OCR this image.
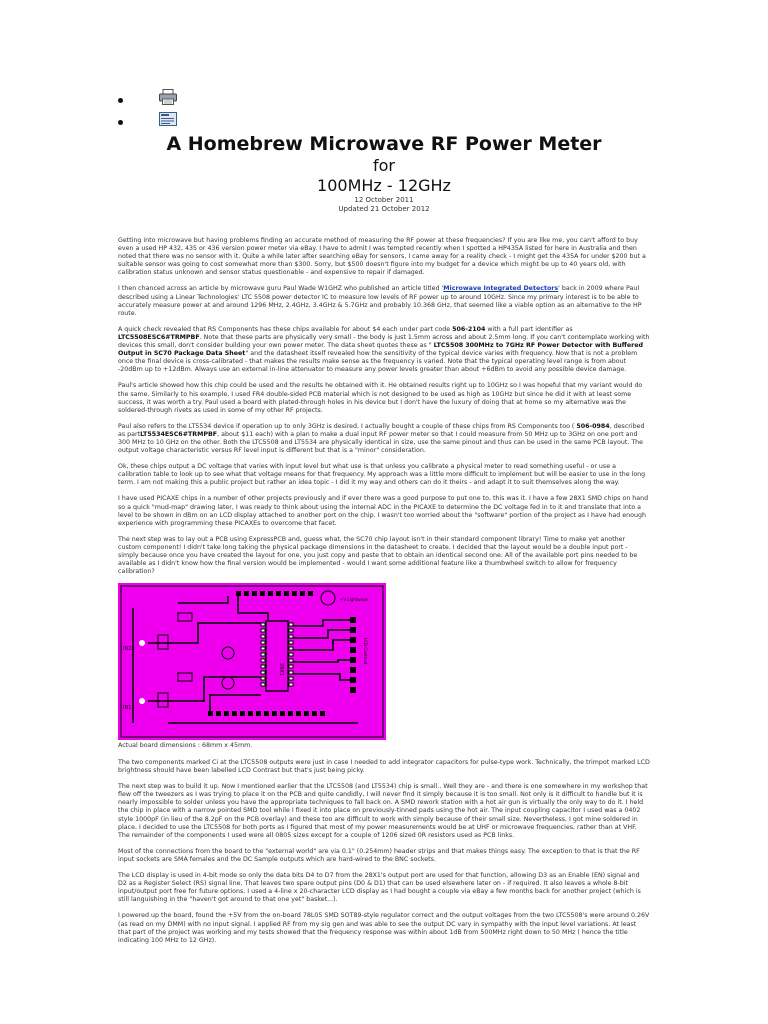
A Homebrew Microwave RF Power Meter
for
100MHz - 12GHz
12 October 2011
Updated 21 October 2012

Getting into microwave but having problems finding an accurate method of measuring the RF power at these frequencies? If you are like me, you can't afford to buy even a used HP 432, 435 or 436 version power meter via eBay. I have to admit I was tempted recently when I spotted a HP435A listed for here in Australia and then noted that there was no sensor with it. Quite a while later after searching eBay for sensors, I came away for a reality check - I might get the 435A for under $200 but a suitable sensor was going to cost somewhat more than $300. Sorry, but $500 doesn't figure into my budget for a device which might be up to 40 years old, with calibration status unknown and sensor status questionable - and expensive to repair if damaged.

I then chanced across an article by microwave guru Paul Wade W1GHZ who published an article titled 'Microwave Integrated Detectors' back in 2009 where Paul described using a Linear Technologies' LTC 5508 power detector IC to measure low levels of RF power up to around 10GHz. Since my primary interest is to be able to accurately measure power at and around 1296 MHz, 2.4GHz, 3.4GHz & 5.7GHz and probably 10.368 GHz, that seemed like a viable option as an alternative to the HP route.

A quick check revealed that RS Components has these chips available for about $4 each under part code 506-2104 with a full part identifier as LTC5508ESC6#TRMPBF. Note that these parts are physically very small - the body is just 1.5mm across and about 2.5mm long. If you can't contemplate working with devices this small, don't consider building your own power meter. The data sheet quotes these as " LTC5508 300MHz to 7GHz RF Power Detector with Buffered Output in SC70 Package Data Sheet" and the datasheet itself revealed how the sensitivity of the typical device varies with frequency. Now that is not a problem once the final device is cross-calibrated - that makes the results make sense as the frequency is varied. Note that the typical operating level range is from about -20dBm up to +12dBm. Always use an external in-line attenuator to measure any power levels greater than about +6dBm to avoid any possible device damage.

Paul's article showed how this chip could be used and the results he obtained with it. He obtained results right up to 10GHz so I was hopeful that my variant would do the same. Similarly to his example, I used FR4 double-sided PCB material which is not designed to be used as high as 10GHz but since he did it with at least some success, it was worth a try. Paul used a board with plated-through holes in his device but I don't have the luxury of doing that at home so my alternative was the soldered-through rivets as used in some of my other RF projects.

Paul also refers to the LT5534 device if operation up to only 3GHz is desired. I actually bought a couple of these chips from RS Components too ( 506-0984, described as partLT5534ESC6#TRMPBF, about $11 each) with a plan to make a dual input RF power meter so that I could measure from 50 MHz up to 3GHz on one port and 300 MHz to 10 GHz on the other. Both the LTC5508 and LT5534 are physically identical in size, use the same pinout and thus can be used in the same PCB layout. The output voltage characteristic versus RF level input is different but that is a "minor" consideration.

Ok, these chips output a DC voltage that varies with input level but what use is that unless you calibrate a physical meter to read something useful - or use a calibration table to look up to see what that voltage means for that frequency. My approach was a little more difficult to implement but will be easier to use in the long term. I am not making this a public project but rather an idea topic - I did it my way and others can do it theirs - and adapt it to suit themselves along the way.

I have used PICAXE chips in a number of other projects previously and if ever there was a good purpose to put one to, this was it. I have a few 28X1 SMD chips on hand so a quick "mud-map" drawing later, I was ready to think about using the internal ADC in the PICAXE to determine the DC voltage fed in to it and translate that into a level to be shown in dBm on an LCD display attached to another port on the chip. I wasn't too worried about the "software" portion of the project as I have had enough experience with programming these PICAXEs to overcome that facet.

The next step was to lay out a PCB using ExpressPCB and, guess what, the SC70 chip layout isn't in their standard component library! Time to make yet another custom component! I didn't take long taking the physical package dimensions in the datasheet to create. I decided that the layout would be a double input port - simply because once you have created the layout for one, you just copy and paste that to obtain an identical second one. All of the available port pins needed to be available as I didn't know how the final version would be implemented - would I want some additional feature like a thumbwheel switch to allow for frequency calibration?

28X1
IN2
IN1
+V Lightwave
LCD Contrast
Actual board dimensions : 68mm x 45mm.

The two components marked Ci at the LTC5508 outputs were just in case I needed to add integrator capacitors for pulse-type work. Technically, the trimpot marked LCD brightness should have been labelled LCD Contrast but that's just being picky.

The next step was to build it up. Now I mentioned earlier that the LTC5508 (and LT5534) chip is small.. Well they are - and there is one somewhere in my workshop that flew off the tweezers as I was trying to place it on the PCB and quite candidly, I will never find it simply because it is too small. Not only is it difficult to handle but it is nearly impossible to solder unless you have the appropriate techniques to fall back on. A SMD rework station with a hot air gun is virtually the only way to do it. I held the chip in place with a narrow pointed SMD tool while I fixed it into place on previously-tinned pads using the hot air. The input coupling capacitor I used was a 0402 style 1000pF (in lieu of the 8.2pF on the PCB overlay) and these too are difficult to work with simply because of their small size. Nevertheless, I got mine soldered in place. I decided to use the LTC5508 for both ports as I figured that most of my power measurements would be at UHF or microwave frequencies, rather than at VHF. The remainder of the components I used were all 0805 sizes except for a couple of 1206 sized 0R resistors used as PCB links.

Most of the connections from the board to the "external world" are via 0.1" (0.254mm) header strips and that makes things easy. The exception to that is that the RF input sockets are SMA females and the DC Sample outputs which are hard-wired to the BNC sockets.

The LCD display is used in 4-bit mode so only the data bits D4 to D7 from the 28X1's output port are used for that function, allowing D3 as an Enable (EN) signal and D2 as a Register Select (RS) signal line. That leaves two spare output pins (D0 & D1) that can be used elsewhere later on - if required. It also leaves a whole 8-bit input/output port free for future options. I used a 4-line x 20-character LCD display as I had bought a couple via eBay a few months back for another project (which is still languishing in the "haven't got around to that one yet" basket...).

I powered up the board, found the +5V from the on-board 78L05 SMD SOT89-style regulator correct and the output voltages from the two LTC5508's were around 0.26V (as read on my DMM) with no input signal. I applied RF from my sig gen and was able to see the output DC vary in sympathy with the input level variations. At least that part of the project was working and my tests showed that the frequency response was within about 1dB from 500MHz right down to 50 MHz ( hence the title indicating 100 MHz to 12 GHz).
